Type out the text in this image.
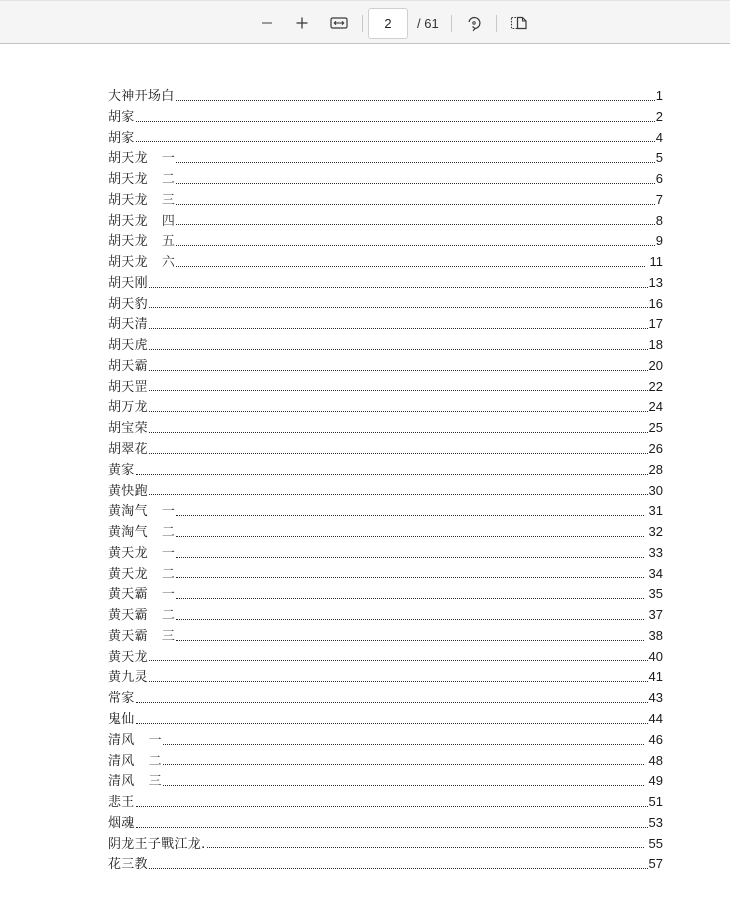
2	/ 61
大神开场白	1
胡家	2
胡家	4
胡天龙 一	5
胡天龙 二	6
胡天龙 三	7
胡天龙 四	8
胡天龙 五	9
胡天龙 六	11
胡天刚	13
胡天豹	16
胡天清	17
胡天虎	18
胡天霸	20
胡天罡	22
胡万龙	24
胡宝荣	25
胡翠花	26
黄家	28
黄快跑	30
黄淘气 一	31
黄淘气 二	32
黄天龙 一	33
黄天龙 二	34
黄天霸 一	35
黄天霸 二	37
黄天霸 三	38
黄天龙	40
黄九灵	41
常家	43
鬼仙	44
清风 一	46
清风 二	48
清风 三	49
悲王	51
烟魂	53
阴龙王子戰江龙.	55
花三教	57
